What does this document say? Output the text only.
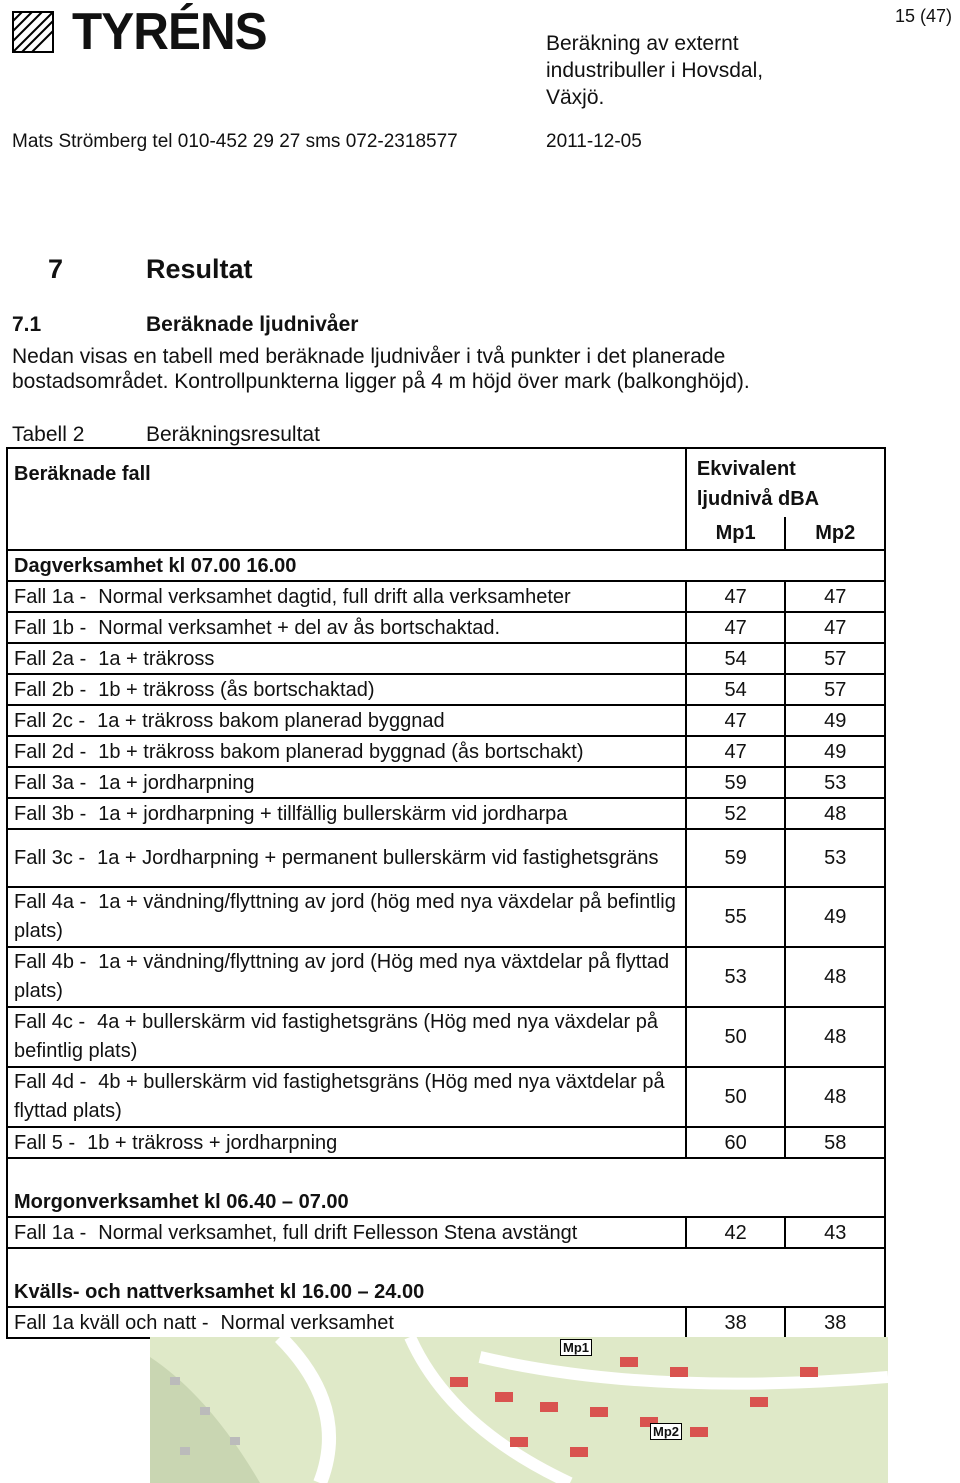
TYRÉNS	15 (47)
Beräkning av externt industribuller i Hovsdal, Växjö.
Mats Strömberg tel 010-452 29 27 sms 072-2318577	2011-12-05
7	Resultat
7.1	Beräknade ljudnivåer
Nedan visas en tabell med beräknade ljudnivåer i två punkter i det planerade bostadsområdet. Kontrollpunkterna ligger på 4 m höjd över mark (balkonghöjd).
Tabell 2	Beräkningsresultat
Beräknade fall	Ekvivalent
ljudnivå dBA	

	Mp1	Mp2
Dagverksamhet kl 07.00 16.00		
Fall 1a - Normal verksamhet dagtid, full drift alla verksamheter	47	47
Fall 1b - Normal verksamhet + del av ås bortschaktad.	47	47
Fall 2a - 1a + träkross	54	57
Fall 2b - 1b + träkross (ås bortschaktad)	54	57
Fall 2c - 1a + träkross bakom planerad byggnad	47	49
Fall 2d - 1b + träkross bakom planerad byggnad (ås bortschakt)	47	49
Fall 3a - 1a + jordharpning	59	53
Fall 3b - 1a + jordharpning + tillfällig bullerskärm vid jordharpa	52	48
Fall 3c - 1a + Jordharpning + permanent bullerskärm vid fastighetsgräns	59	53
Fall 4a - 1a + vändning/flyttning av jord (hög med nya växdelar på befintlig plats)	55	49
Fall 4b - 1a + vändning/flyttning av jord (Hög med nya växtdelar på flyttad plats)	53	48
Fall 4c - 4a + bullerskärm vid fastighetsgräns (Hög med nya växdelar på befintlig plats)	50	48
Fall 4d - 4b + bullerskärm vid fastighetsgräns (Hög med nya växtdelar på flyttad plats)	50	48
Fall 5 - 1b + träkross + jordharpning	60	58

Morgonverksamhet kl 06.40 – 07.00		
Fall 1a - Normal verksamhet, full drift Fellesson Stena avstängt	42	43

Kvälls- och nattverksamhet kl 16.00 – 24.00		
Fall 1a kväll och natt - Normal verksamhet	38	38
Mp1
Mp2
